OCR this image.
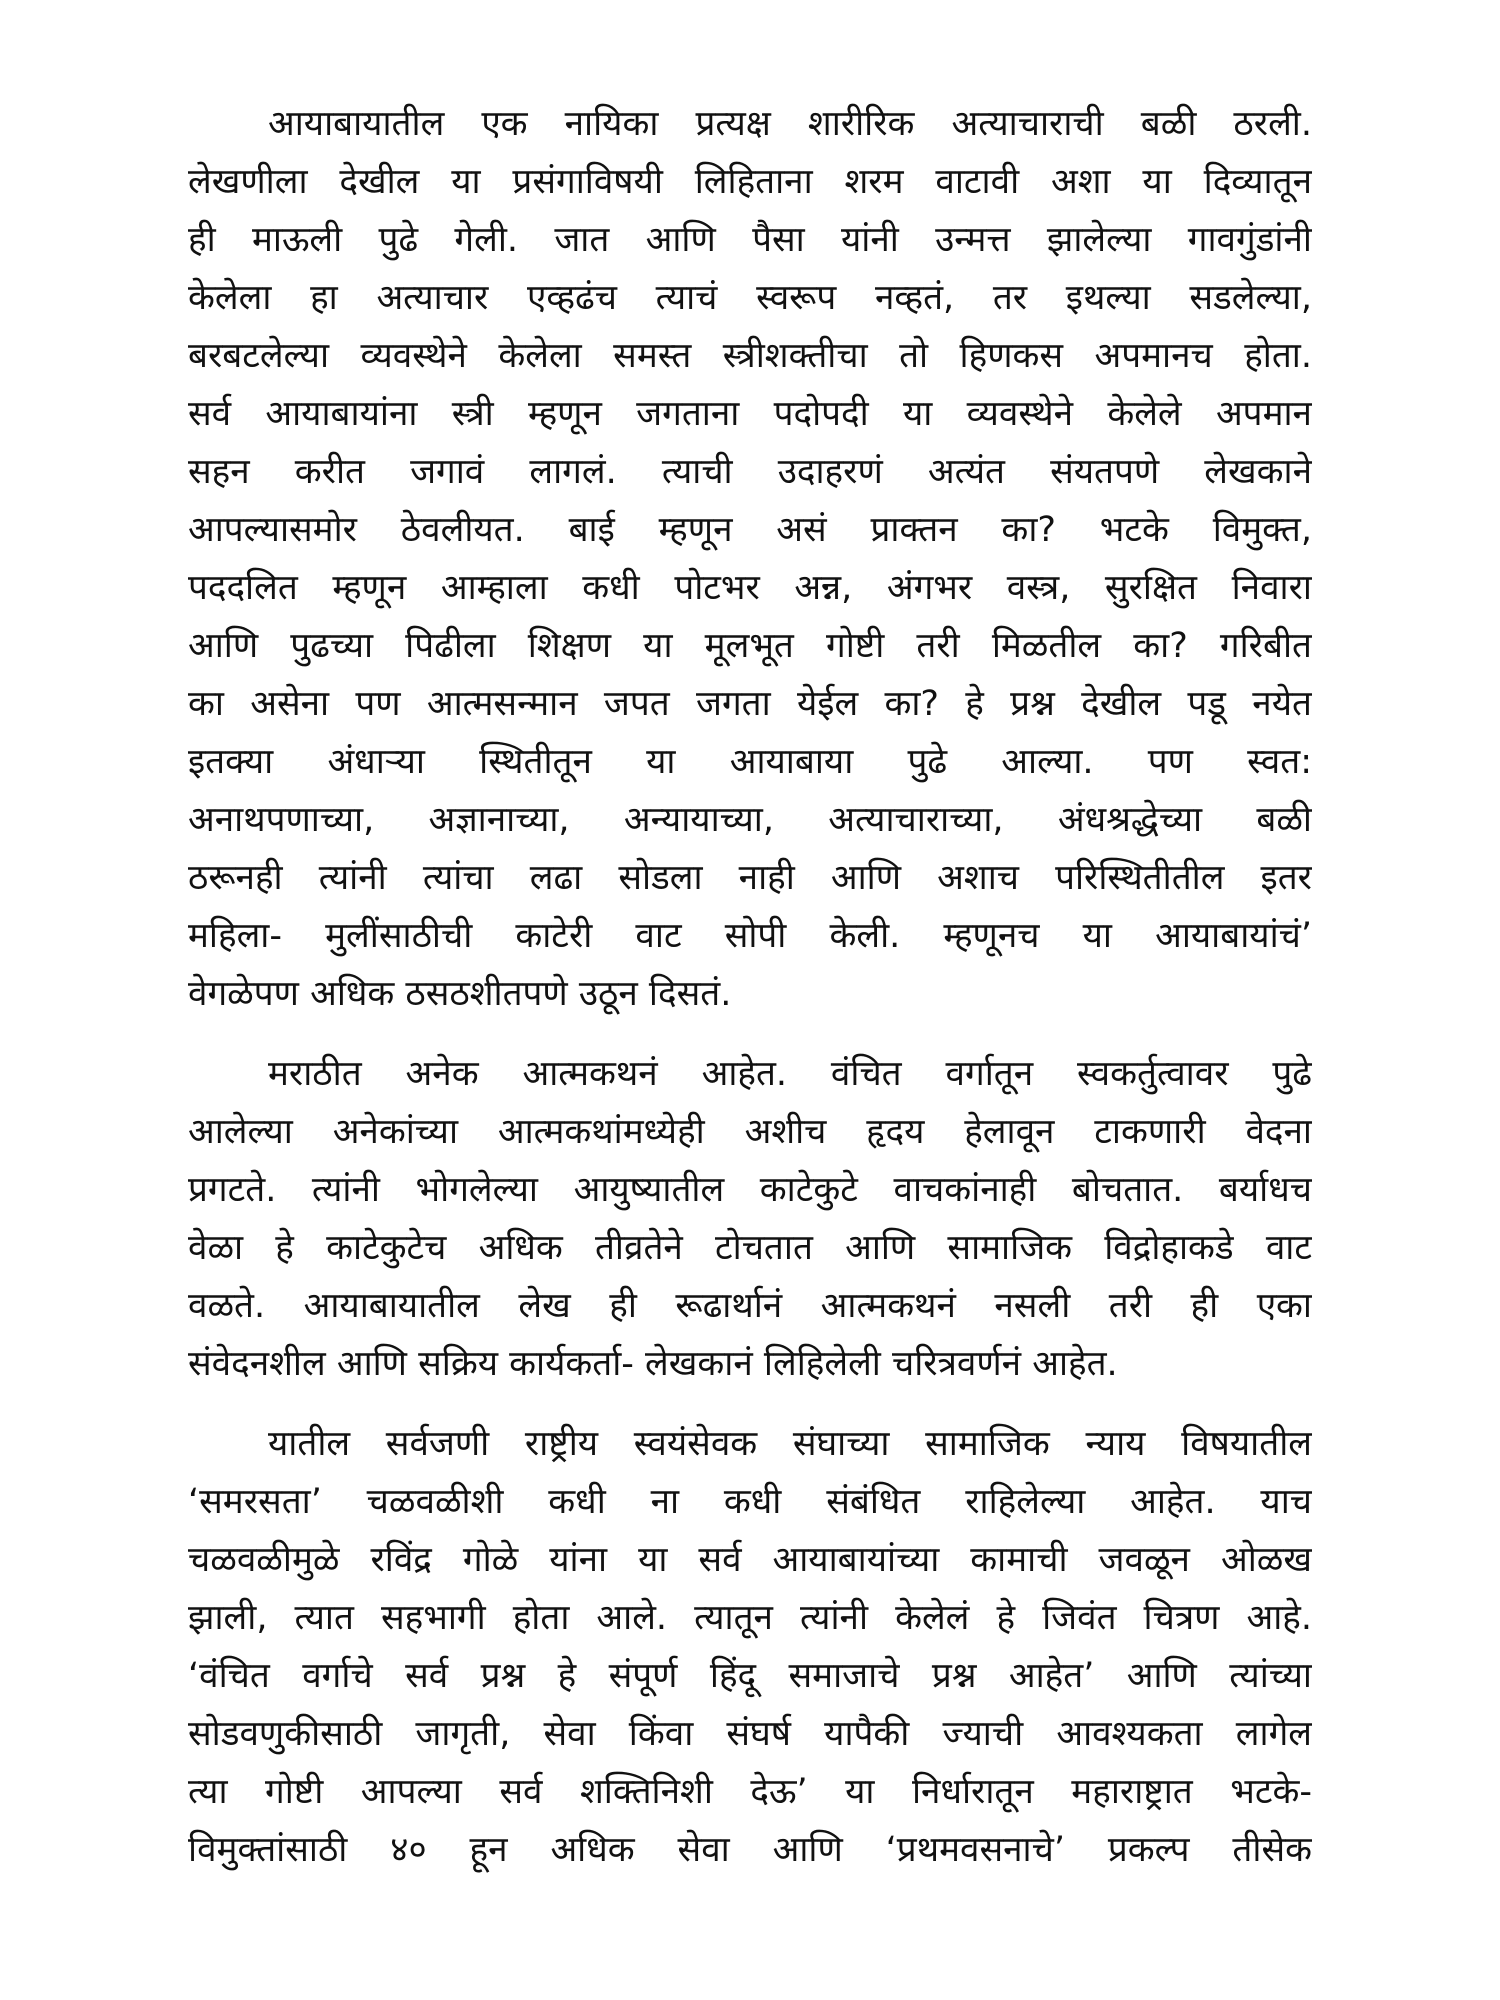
आयाबायातील एक नायिका प्रत्यक्ष शारीरिक अत्याचाराची बळी ठरली.
लेखणीला देखील या प्रसंगाविषयी लिहिताना शरम वाटावी अशा या दिव्यातून
ही माऊली पुढे गेली. जात आणि पैसा यांनी उन्मत्त झालेल्या गावगुंडांनी
केलेला हा अत्याचार एव्हढंच त्याचं स्वरूप नव्हतं, तर इथल्या सडलेल्या,
बरबटलेल्या व्यवस्थेने केलेला समस्त स्त्रीशक्तीचा तो हिणकस अपमानच होता.
सर्व आयाबायांना स्त्री म्हणून जगताना पदोपदी या व्यवस्थेने केलेले अपमान
सहन करीत जगावं लागलं. त्याची उदाहरणं अत्यंत संयतपणे लेखकाने
आपल्यासमोर ठेवलीयत. बाई म्हणून असं प्राक्तन का? भटके विमुक्त,
पददलित म्हणून आम्हाला कधी पोटभर अन्न, अंगभर वस्त्र, सुरक्षित निवारा
आणि पुढच्या पिढीला शिक्षण या मूलभूत गोष्टी तरी मिळतील का? गरिबीत
का असेना पण आत्मसन्मान जपत जगता येईल का? हे प्रश्न देखील पडू नयेत
इतक्या अंधाऱ्या स्थितीतून या आयाबाया पुढे आल्या. पण स्वत:
अनाथपणाच्या, अज्ञानाच्या, अन्यायाच्या, अत्याचाराच्या, अंधश्रद्धेच्या बळी
ठरूनही त्यांनी त्यांचा लढा सोडला नाही आणि अशाच परिस्थितीतील इतर
महिला- मुलींसाठीची काटेरी वाट सोपी केली. म्हणूनच या आयाबायांचं’
वेगळेपण अधिक ठसठशीतपणे उठून दिसतं.
मराठीत अनेक आत्मकथनं आहेत. वंचित वर्गातून स्वकर्तुत्वावर पुढे
आलेल्या अनेकांच्या आत्मकथांमध्येही अशीच हृदय हेलावून टाकणारी वेदना
प्रगटते. त्यांनी भोगलेल्या आयुष्यातील काटेकुटे वाचकांनाही बोचतात. बर्याधच
वेळा हे काटेकुटेच अधिक तीव्रतेने टोचतात आणि सामाजिक विद्रोहाकडे वाट
वळते. आयाबायातील लेख ही रूढार्थानं आत्मकथनं नसली तरी ही एका
संवेदनशील आणि सक्रिय कार्यकर्ता- लेखकानं लिहिलेली चरित्रवर्णनं आहेत.
यातील सर्वजणी राष्ट्रीय स्वयंसेवक संघाच्या सामाजिक न्याय विषयातील
‘समरसता’ चळवळीशी कधी ना कधी संबंधित राहिलेल्या आहेत. याच
चळवळीमुळे रविंद्र गोळे यांना या सर्व आयाबायांच्या कामाची जवळून ओळख
झाली, त्यात सहभागी होता आले. त्यातून त्यांनी केलेलं हे जिवंत चित्रण आहे.
‘वंचित वर्गाचे सर्व प्रश्न हे संपूर्ण हिंदू समाजाचे प्रश्न आहेत’ आणि त्यांच्या
सोडवणुकीसाठी जागृती, सेवा किंवा संघर्ष यापैकी ज्याची आवश्यकता लागेल
त्या गोष्टी आपल्या सर्व शक्तिनिशी देऊ’ या निर्धारातून महाराष्ट्रात भटके-
विमुक्तांसाठी ४० हून अधिक सेवा आणि ‘प्रथमवसनाचे’ प्रकल्प तीसेक
